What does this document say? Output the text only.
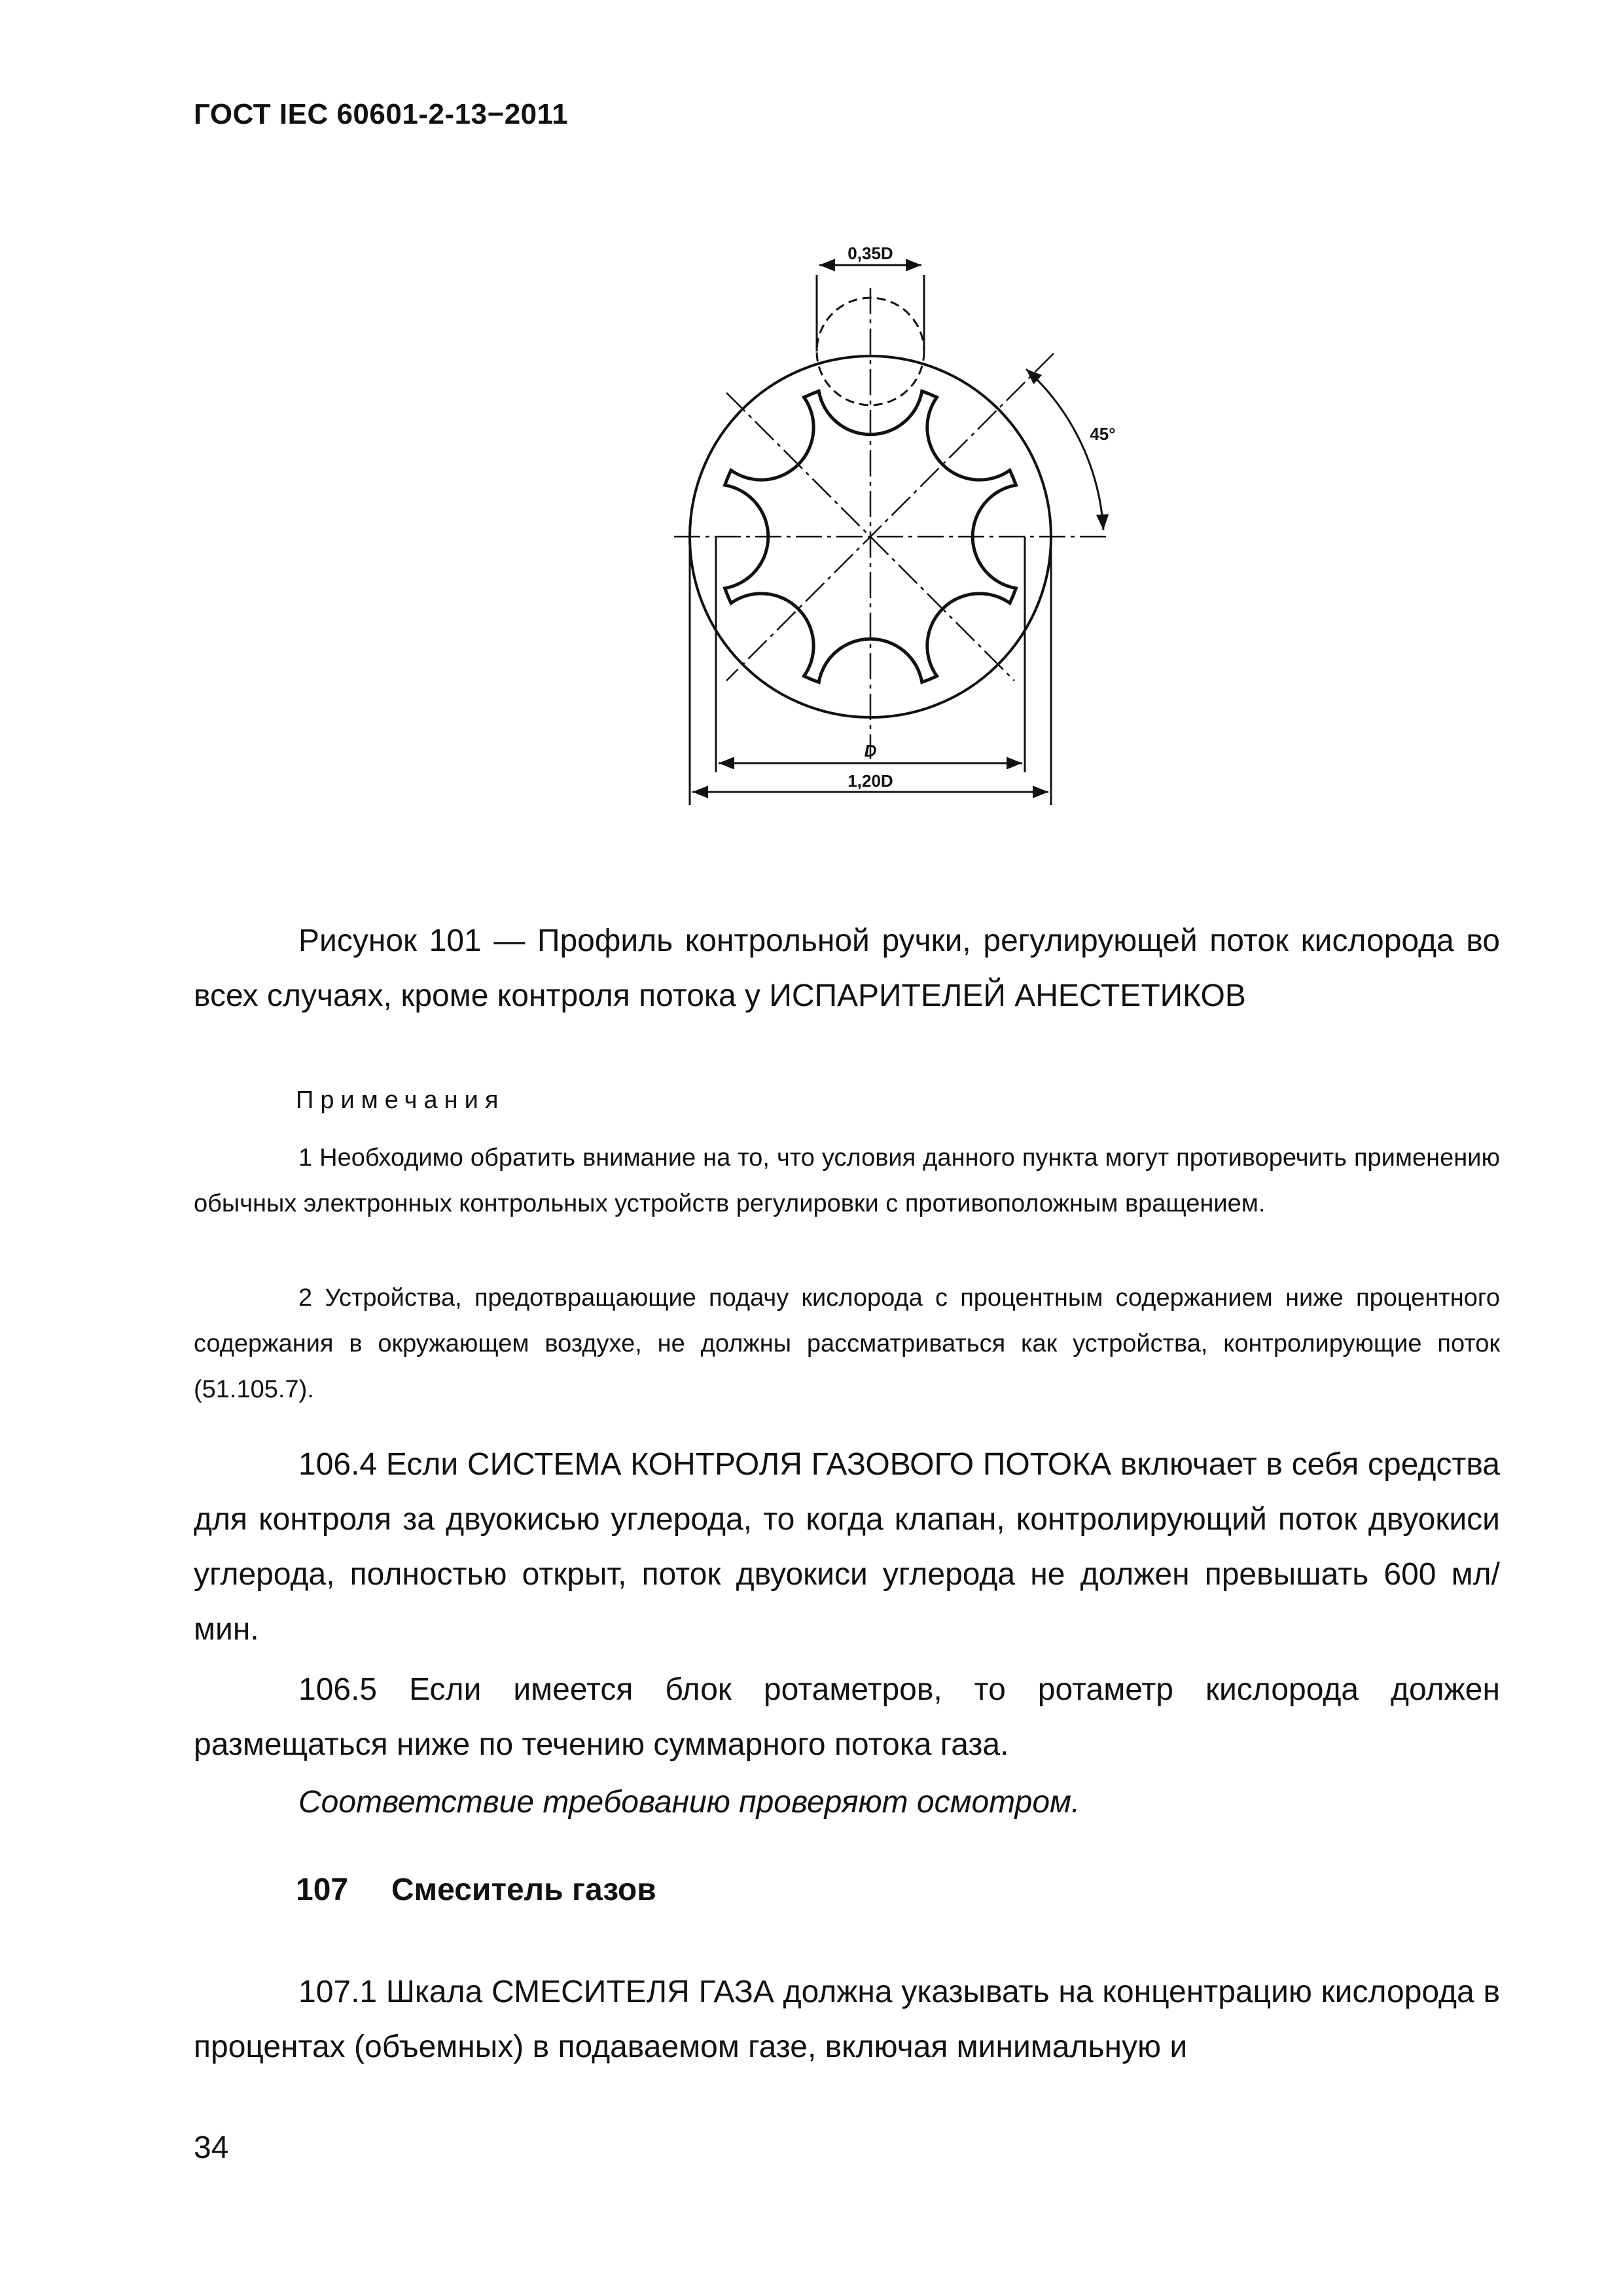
ГОСТ IEC 60601-2-13−2011
0,35D
45°
D
1,20D

Рисунок 101 — Профиль контрольной ручки, регулирующей поток кислорода во всех случаях, кроме контроля потока у ИСПАРИТЕЛЕЙ АНЕСТЕТИКОВ

Примечания

1 Необходимо обратить внимание на то, что условия данного пункта могут противоречить применению обычных электронных контрольных устройств регулировки с противоположным вращением.

2 Устройства, предотвращающие подачу кислорода с процентным содержанием ниже процентного содержания в окружающем воздухе, не должны рассматриваться как устройства, контролирующие поток (51.105.7).

106.4 Если СИСТЕМА КОНТРОЛЯ ГАЗОВОГО ПОТОКА включает в себя средства для контроля за двуокисью углерода, то когда клапан, контролирующий поток двуокиси углерода, полностью открыт, поток двуокиси углерода не должен превышать 600 мл/мин.

106.5 Если имеется блок ротаметров, то ротаметр кислорода должен размещаться ниже по течению суммарного потока газа.

Соответствие требованию проверяют осмотром.

107 Смеситель газов

107.1 Шкала СМЕСИТЕЛЯ ГАЗА должна указывать на концентрацию кислорода в процентах (объемных) в подаваемом газе, включая минимальную и

34
